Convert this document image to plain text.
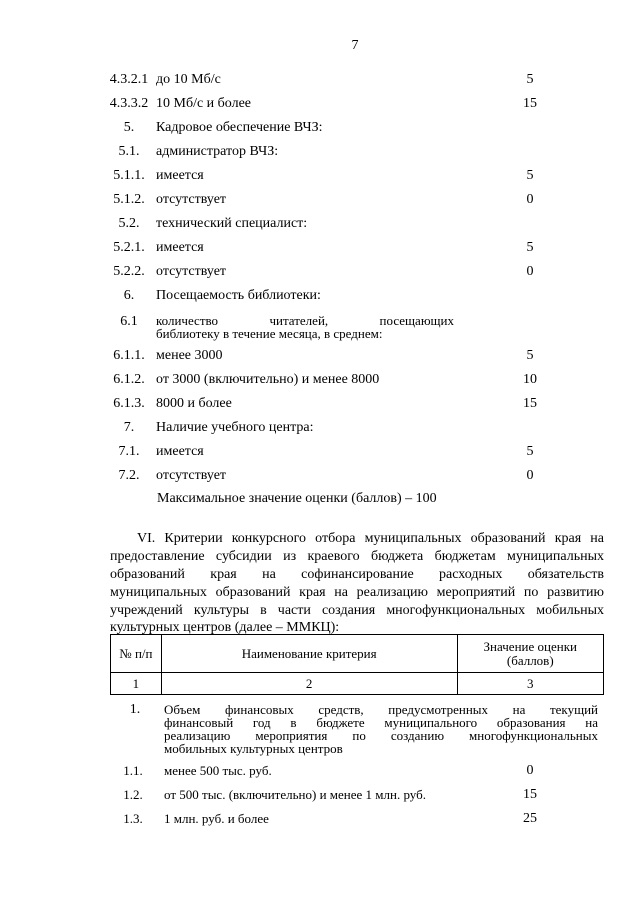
7
4.3.2.1 до 10 Мб/с	5
4.3.3.2 10 Мб/с и более	15
5.	Кадровое обеспечение ВЧЗ:
5.1.	администратор ВЧЗ:
5.1.1. имеется	5
5.1.2. отсутствует	0
5.2.	технический специалист:
5.2.1. имеется	5
5.2.2. отсутствует	0
6.	Посещаемость библиотеки:
6.1	количество читателей, посещающих
библиотеку в течение месяца, в среднем:
6.1.1. менее 3000	5
6.1.2. от 3000 (включительно) и менее 8000	10
6.1.3. 8000 и более	15
7.	Наличие учебного центра:
7.1.	имеется	5
7.2.	отсутствует	0
Максимальное значение оценки (баллов) – 100
VI. Критерии конкурсного отбора муниципальных образований края на
предоставление субсидии из краевого бюджета бюджетам муниципальных
образований края на софинансирование расходных обязательств
муниципальных образований края на реализацию мероприятий по развитию
учреждений культуры в части создания многофункциональных мобильных
культурных центров (далее – ММКЦ):
№ п/п	Наименование критерия	Значение оценки
(баллов)

1	2	3
1.	Объем финансовых средств, предусмотренных на текущий
финансовый год в бюджете муниципального образования на
реализацию мероприятия по созданию многофункциональных
мобильных культурных центров
1.1.	менее 500 тыс. руб.	0
1.2.	от 500 тыс. (включительно) и менее 1 млн. руб.	15
1.3.	1 млн. руб. и более	25
